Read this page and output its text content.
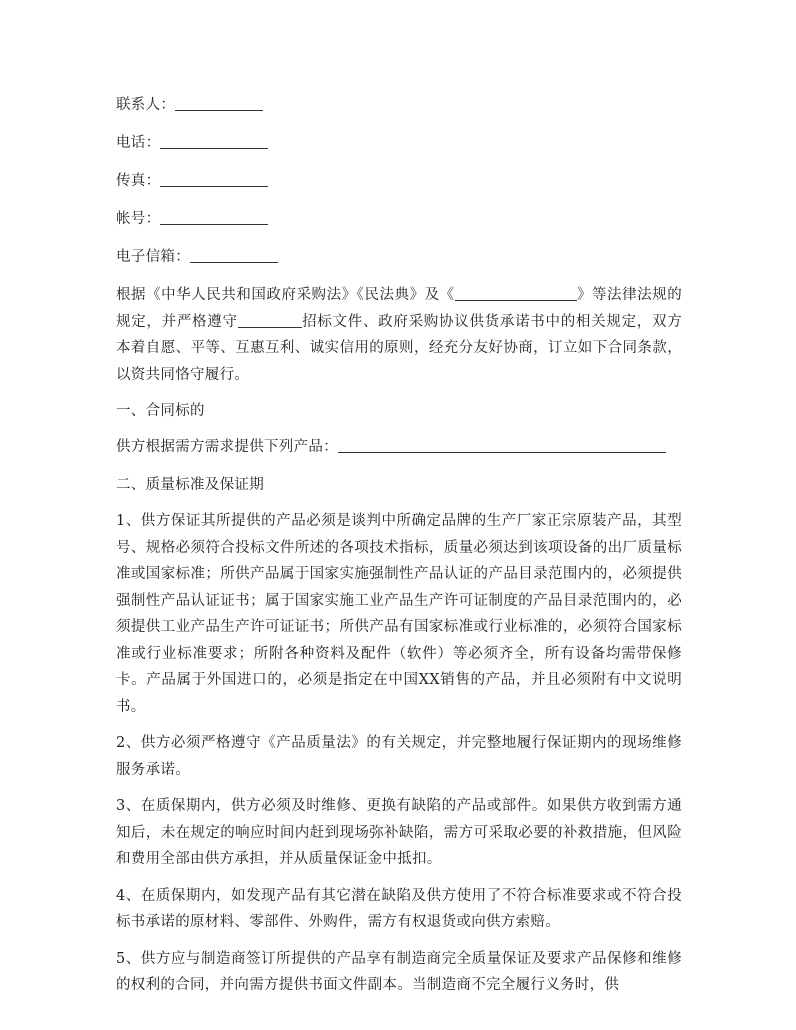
联系人：
电话：
传真：
帐号：
电子信箱：

根据《中华人民共和国政府采购法》《民法典》及《	》等法律法规的规定，并严格遵守	招标文件、政府采购协议供货承诺书中的相关规定，双方本着自愿、平等、互惠互利、诚实信用的原则，经充分友好协商，订立如下合同条款，以资共同恪守履行。

一、合同标的
供方根据需方需求提供下列产品：
二、质量标准及保证期

1、供方保证其所提供的产品必须是谈判中所确定品牌的生产厂家正宗原装产品，其型号、规格必须符合投标文件所述的各项技术指标，质量必须达到该项设备的出厂质量标准或国家标准；所供产品属于国家实施强制性产品认证的产品目录范围内的，必须提供强制性产品认证证书；属于国家实施工业产品生产许可证制度的产品目录范围内的，必须提供工业产品生产许可证证书；所供产品有国家标准或行业标准的，必须符合国家标准或行业标准要求；所附各种资料及配件（软件）等必须齐全，所有设备均需带保修卡。产品属于外国进口的，必须是指定在中国XX销售的产品，并且必须附有中文说明书。

2、供方必须严格遵守《产品质量法》的有关规定，并完整地履行保证期内的现场维修服务承诺。

3、在质保期内，供方必须及时维修、更换有缺陷的产品或部件。如果供方收到需方通知后，未在规定的响应时间内赶到现场弥补缺陷，需方可采取必要的补救措施，但风险和费用全部由供方承担，并从质量保证金中抵扣。

4、在质保期内，如发现产品有其它潜在缺陷及供方使用了不符合标准要求或不符合投标书承诺的原材料、零部件、外购件，需方有权退货或向供方索赔。

5、供方应与制造商签订所提供的产品享有制造商完全质量保证及要求产品保修和维修的权利的合同，并向需方提供书面文件副本。当制造商不完全履行义务时，供
